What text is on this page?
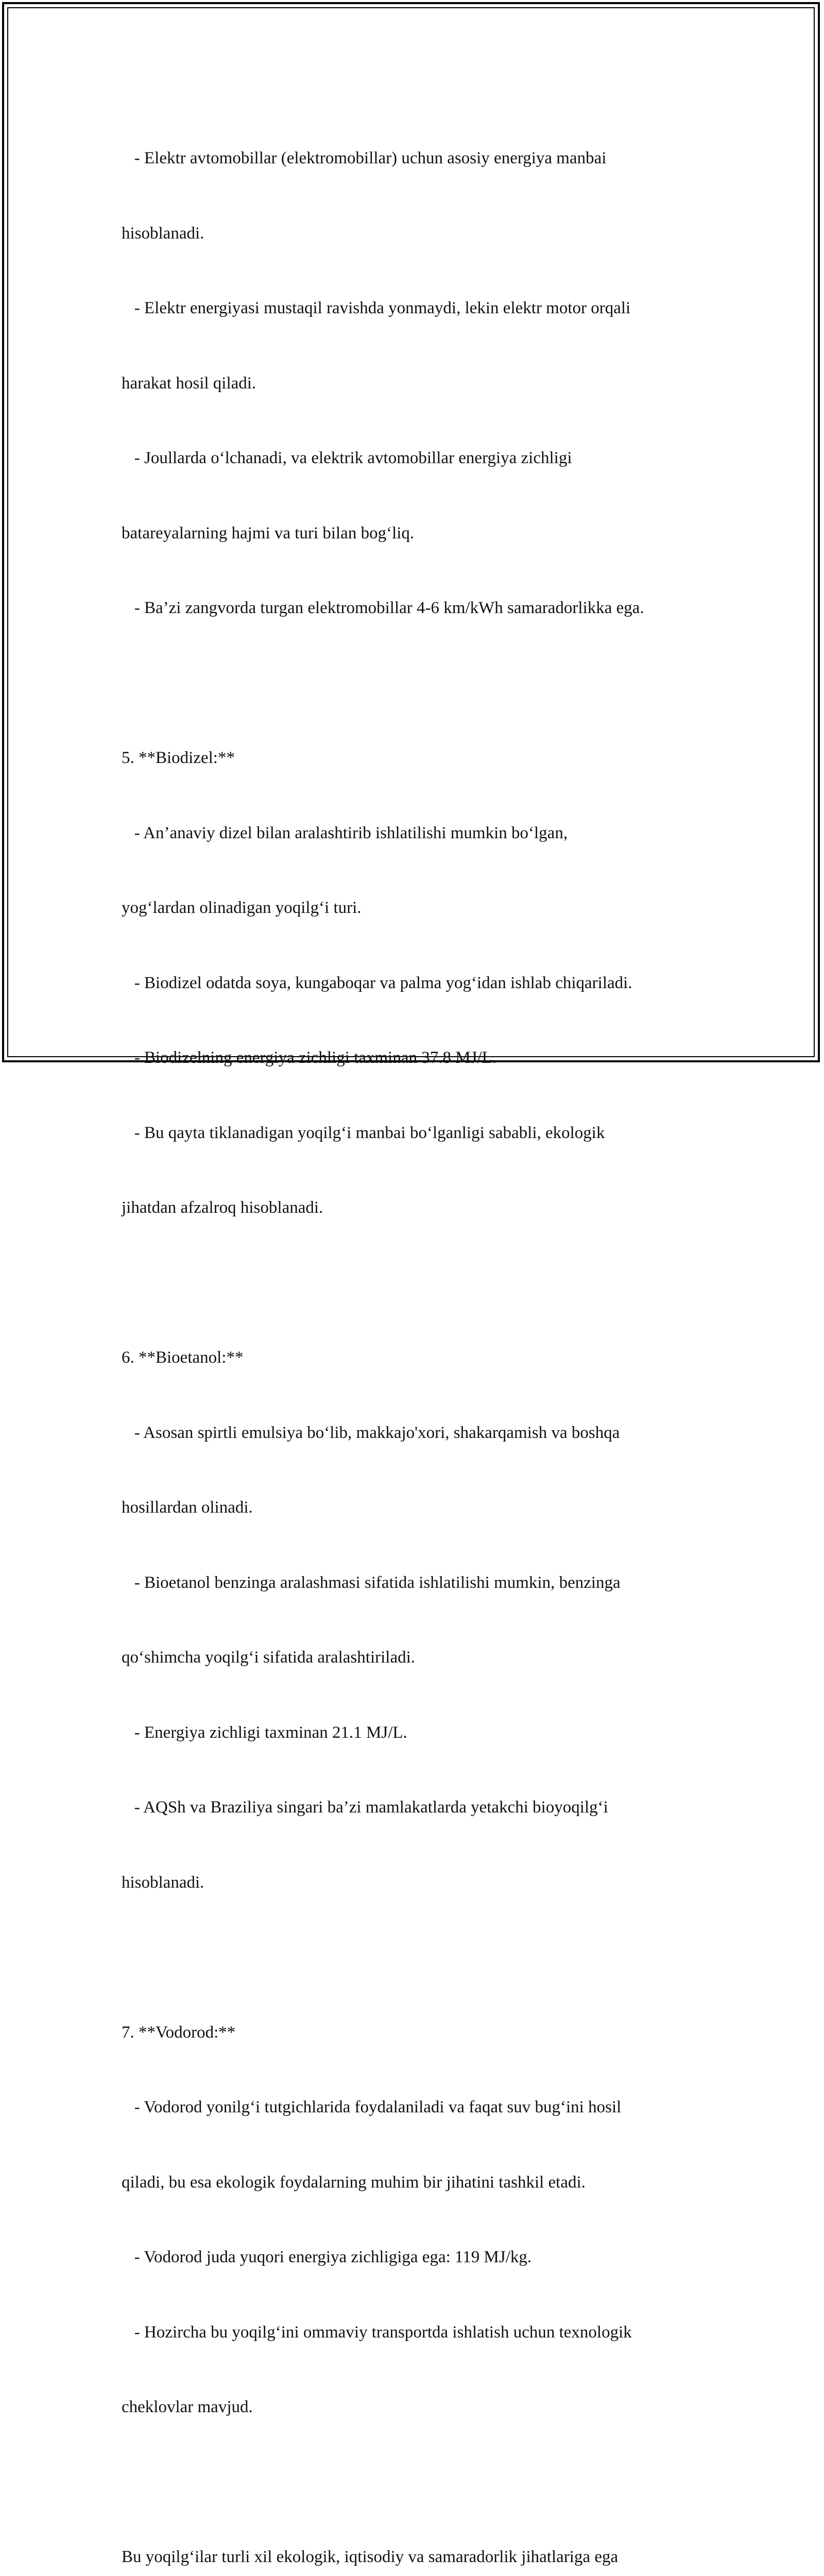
- Elektr avtomobillar (elektromobillar) uchun asosiy energiya manbai

hisoblanadi.

- Elektr energiyasi mustaqil ravishda yonmaydi, lekin elektr motor orqali

harakat hosil qiladi.

- Joullarda o‘lchanadi, va elektrik avtomobillar energiya zichligi

batareyalarning hajmi va turi bilan bog‘liq.

- Ba’zi zangvorda turgan elektromobillar 4-6 km/kWh samaradorlikka ega.

5. **Biodizel:**

- An’anaviy dizel bilan aralashtirib ishlatilishi mumkin bo‘lgan,

yog‘lardan olinadigan yoqilg‘i turi.

- Biodizel odatda soya, kungaboqar va palma yog‘idan ishlab chiqariladi.

- Biodizelning energiya zichligi taxminan 37.8 MJ/L.

- Bu qayta tiklanadigan yoqilg‘i manbai bo‘lganligi sababli, ekologik

jihatdan afzalroq hisoblanadi.

6. **Bioetanol:**

- Asosan spirtli emulsiya bo‘lib, makkajo'xori, shakarqamish va boshqa

hosillardan olinadi.

- Bioetanol benzinga aralashmasi sifatida ishlatilishi mumkin, benzinga

qo‘shimcha yoqilg‘i sifatida aralashtiriladi.

- Energiya zichligi taxminan 21.1 MJ/L.

- AQSh va Braziliya singari ba’zi mamlakatlarda yetakchi bioyoqilg‘i

hisoblanadi.

7. **Vodorod:**

- Vodorod yonilg‘i tutgichlarida foydalaniladi va faqat suv bug‘ini hosil

qiladi, bu esa ekologik foydalarning muhim bir jihatini tashkil etadi.

- Vodorod juda yuqori energiya zichligiga ega: 119 MJ/kg.

- Hozircha bu yoqilg‘ini ommaviy transportda ishlatish uchun texnologik

cheklovlar mavjud.

Bu yoqilg‘ilar turli xil ekologik, iqtisodiy va samaradorlik jihatlariga ega
